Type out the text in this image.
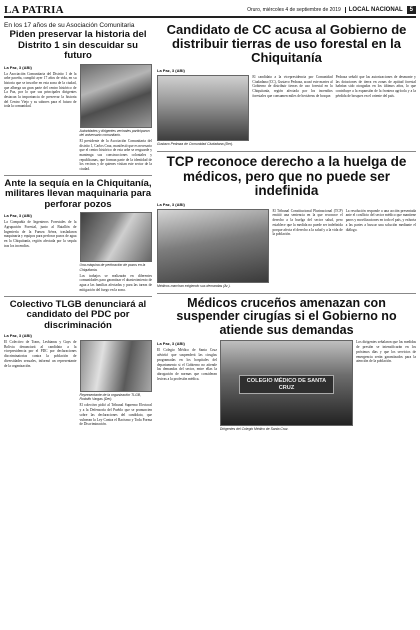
LA PATRIA	Oruro, miércoles 4 de septiembre de 2019	LOCAL NACIONAL	5
En los 17 años de su Asociación Comunitaria
Piden preservar la historia del Distrito 1 sin descuidar su futuro
La Paz, 3 (ABI)

La Asociación Comunitaria del Distrito 1 de la urbe paceña, cumplió ayer 17 años de vida, en su historia que se inscribe en esta zona de la ciudad, que alberga un gran parte del centro histórico de La Paz, por lo que sus principales dirigentes destacan la importancia de preservar la historia del Centro Viejo y su sabores para el futuro de toda la comunidad.

Autoridades y dirigentes vecinales participaron del aniversario comunitario.

El presidente de la Asociación Comunitaria del distrito 1, Carlos Cruz, manifestó que es necesario que el centro histórico de esta urbe se resguarde y mantenga sus construcciones coloniales y republicanas, que forman parte de la identidad de los vecinos y de quienes visitan este sector de la ciudad.

Ante la sequía en la Chiquitanía, militares llevan maquinaria para perforar pozos
La Paz, 3 (ABI)

La Compañía de Ingenieros Forestales de la Agrupación Forestal, junto al Batallón de Ingeniería de la Fuerza Aérea, trasladaron maquinaria y equipos para perforar pozos de agua en la Chiquitanía, región afectada por la sequía tras los incendios.

Una máquina de perforación de pozos en la Chiquitanía.

Los trabajos se realizarán en diferentes comunidades para garantizar el abastecimiento de agua a las familias afectadas y para las tareas de mitigación del fuego en la zona.

Colectivo TLGB denunciará al candidato del PDC por discriminación
La Paz, 3 (ABI)

El Colectivo de Trans, Lesbianas y Gays de Bolivia denunciará al candidato a la vicepresidencia por el PDC por declaraciones discriminatorias contra la población de diversidades sexuales, informó un representante de la organización.

Representante de la organización TLGB, Rodolfo Vargas (Der).

El colectivo pidió al Tribunal Supremo Electoral y a la Defensoría del Pueblo que se pronuncien sobre las declaraciones del candidato, que vulneran la Ley Contra el Racismo y Toda Forma de Discriminación.

Candidato de CC acusa al Gobierno de distribuir tierras de uso forestal en la Chiquitanía
La Paz, 3 (ABI)

Gustavo Pedraza de Comunidad Ciudadana (Der).

El candidato a la vicepresidencia por Comunidad Ciudadana (CC), Gustavo Pedraza, acusó este martes al Gobierno de distribuir tierras de uso forestal en la Chiquitanía, región afectada por los incendios forestales que consumen miles de hectáreas de bosque.

Pedraza señaló que las autorizaciones de desmonte y las dotaciones de tierra en zonas de aptitud forestal habrían sido otorgadas en los últimos años, lo que contribuye a la expansión de la frontera agrícola y a la pérdida de bosques en el oriente del país.

TCP reconoce derecho a la huelga de médicos, pero que no puede ser indefinida
La Paz, 3 (ABI)

Médicos marchan exigiendo sus demandas (Ar.).

El Tribunal Constitucional Plurinacional (TCP) emitió una sentencia en la que reconoce el derecho a la huelga del sector salud, pero establece que la medida no puede ser indefinida porque afecta el derecho a la salud y a la vida de la población.

La resolución responde a una acción presentada ante el conflicto del sector médico que mantiene paros y movilizaciones en todo el país, y exhorta a las partes a buscar una solución mediante el diálogo.

Médicos cruceños amenazan con suspender cirugías si el Gobierno no atiende sus demandas
La Paz, 3 (ABI)

El Colegio Médico de Santa Cruz advirtió que suspenderá las cirugías programadas en los hospitales del departamento si el Gobierno no atiende las demandas del sector, entre ellas la abrogación de normas que consideran lesivas a la profesión médica.	COLEGIO MÉDICO DE SANTA CRUZ

Dirigentes del Colegio Médico de Santa Cruz.

Los dirigentes señalaron que las medidas de presión se intensificarán en los próximos días y que los servicios de emergencia serán garantizados para la atención de la población.
